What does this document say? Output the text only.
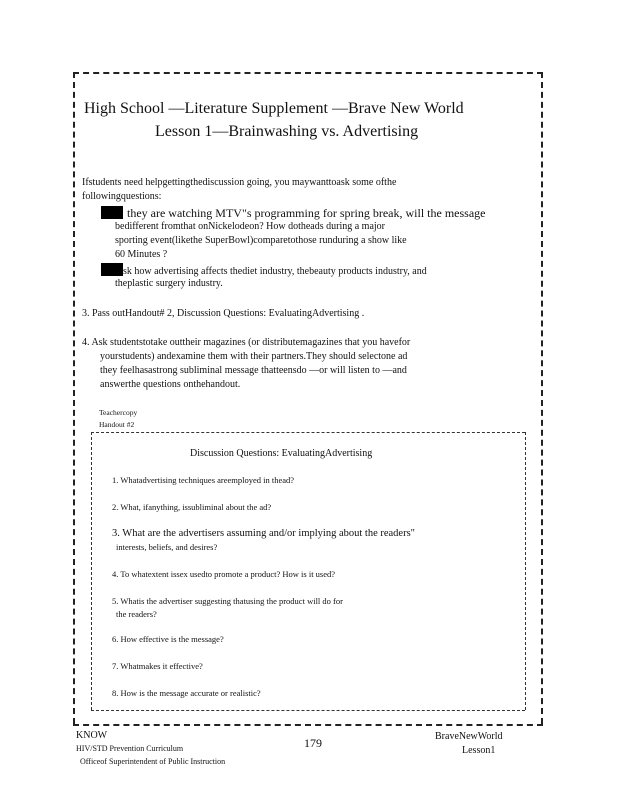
High School —Literature Supplement —Brave New World
Lesson 1—Brainwashing vs. Advertising
Ifstudents need helpgettingthediscussion going, you maywanttoask some ofthe
followingquestions:
they are watching MTV"s programming for spring break, will the message
bedifferent fromthat onNickelodeon? How dotheads during a major
sporting event(likethe SuperBowl)comparetothose runduring a show like
60 Minutes ?
sk how advertising affects thediet industry, thebeauty products industry, and
theplastic surgery industry.
3. Pass outHandout# 2, Discussion Questions: EvaluatingAdvertising .
4. Ask studentstotake outtheir magazines (or distributemagazines that you havefor
yourstudents) andexamine them with their partners.They should selectone ad
they feelhasastrong subliminal message thatteensdo —or will listen to —and
answerthe questions onthehandout.
Teachercopy
Handout #2
Discussion Questions: EvaluatingAdvertising
1. Whatadvertising techniques areemployed in thead?
2. What, ifanything, issubliminal about the ad?
3. What are the advertisers assuming and/or implying about the readers"
interests, beliefs, and desires?
4. To whatextent issex usedto promote a product? How is it used?
5. Whatis the advertiser suggesting thatusing the product will do for
the readers?
6. How effective is the message?
7. Whatmakes it effective?
8. How is the message accurate or realistic?
KNOW
HIV/STD Prevention Curriculum
Officeof Superintendent of Public Instruction
179	BraveNewWorld
Lesson1
